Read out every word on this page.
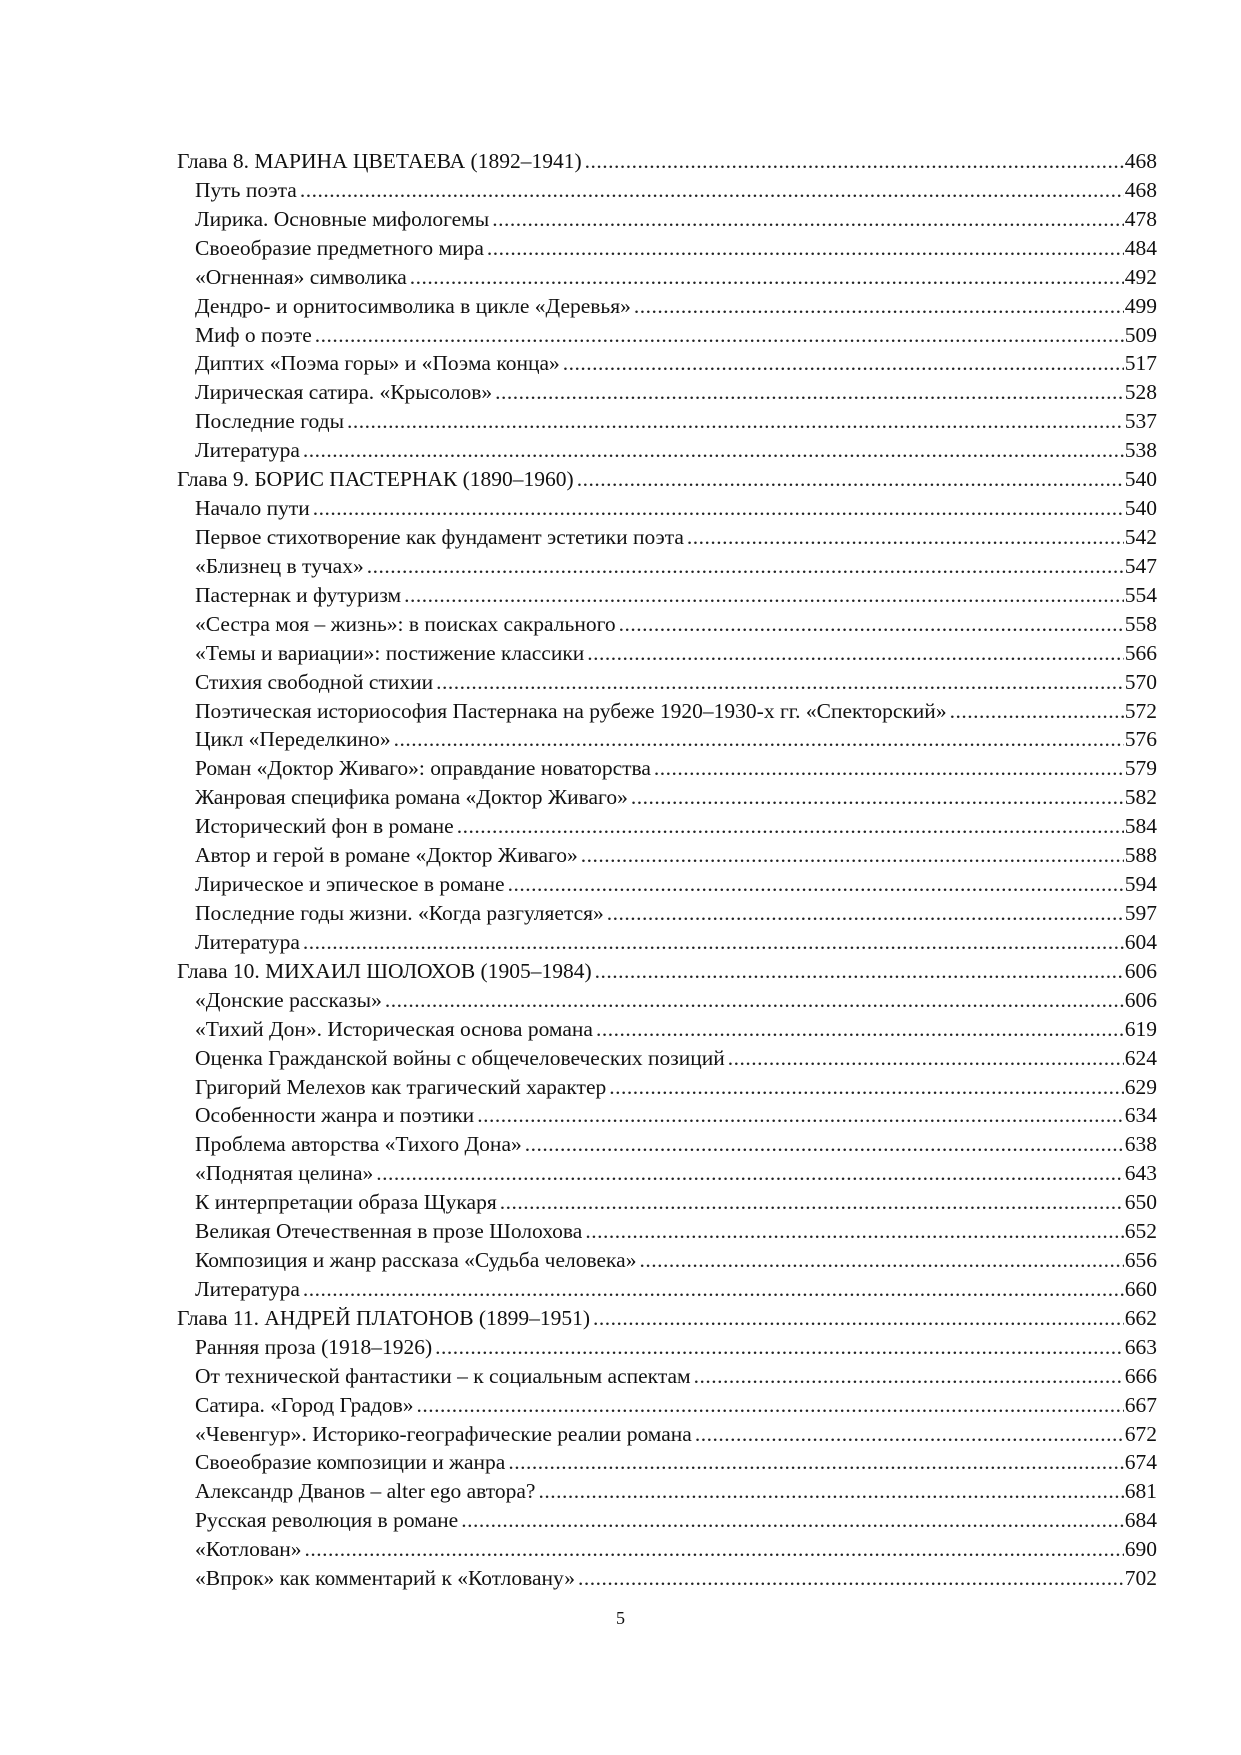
Глава 8. МАРИНА ЦВЕТАЕВА (1892–1941) .....	468
Путь поэта .....	468
Лирика. Основные мифологемы .....	478
Своеобразие предметного мира .....	484
«Огненная» символика .....	492
Дендро- и орнитосимволика в цикле «Деревья» .....	499
Миф о поэте .....	509
Диптих «Поэма горы» и «Поэма конца» .....	517
Лирическая сатира. «Крысолов» .....	528
Последние годы .....	537
Литература .....	538
Глава 9. БОРИС ПАСТЕРНАК (1890–1960) .....	540
Начало пути .....	540
Первое стихотворение как фундамент эстетики поэта .....	542
«Близнец в тучах» .....	547
Пастернак и футуризм .....	554
«Сестра моя – жизнь»: в поисках сакрального .....	558
«Темы и вариации»: постижение классики .....	566
Стихия свободной стихии .....	570
Поэтическая историософия Пастернака на рубеже 1920–1930-х гг. «Спекторский» .....	572
Цикл «Переделкино» .....	576
Роман «Доктор Живаго»: оправдание новаторства .....	579
Жанровая специфика романа «Доктор Живаго» .....	582
Исторический фон в романе .....	584
Автор и герой в романе «Доктор Живаго» .....	588
Лирическое и эпическое в романе .....	594
Последние годы жизни. «Когда разгуляется» .....	597
Литература .....	604
Глава 10. МИХАИЛ ШОЛОХОВ (1905–1984) .....	606
«Донские рассказы» .....	606
«Тихий Дон». Историческая основа романа .....	619
Оценка Гражданской войны с общечеловеческих позиций .....	624
Григорий Мелехов как трагический характер .....	629
Особенности жанра и поэтики .....	634
Проблема авторства «Тихого Дона» .....	638
«Поднятая целина» .....	643
К интерпретации образа Щукаря .....	650
Великая Отечественная в прозе Шолохова .....	652
Композиция и жанр рассказа «Судьба человека» .....	656
Литература .....	660
Глава 11. АНДРЕЙ ПЛАТОНОВ (1899–1951) .....	662
Ранняя проза (1918–1926) .....	663
От технической фантастики – к социальным аспектам .....	666
Сатира. «Город Градов» .....	667
«Чевенгур». Историко-географические реалии романа .....	672
Своеобразие композиции и жанра .....	674
Александр Дванов – alter ego автора? .....	681
Русская революция в романе .....	684
«Котлован» .....	690
«Впрок» как комментарий к «Котловану» .....	702
5
